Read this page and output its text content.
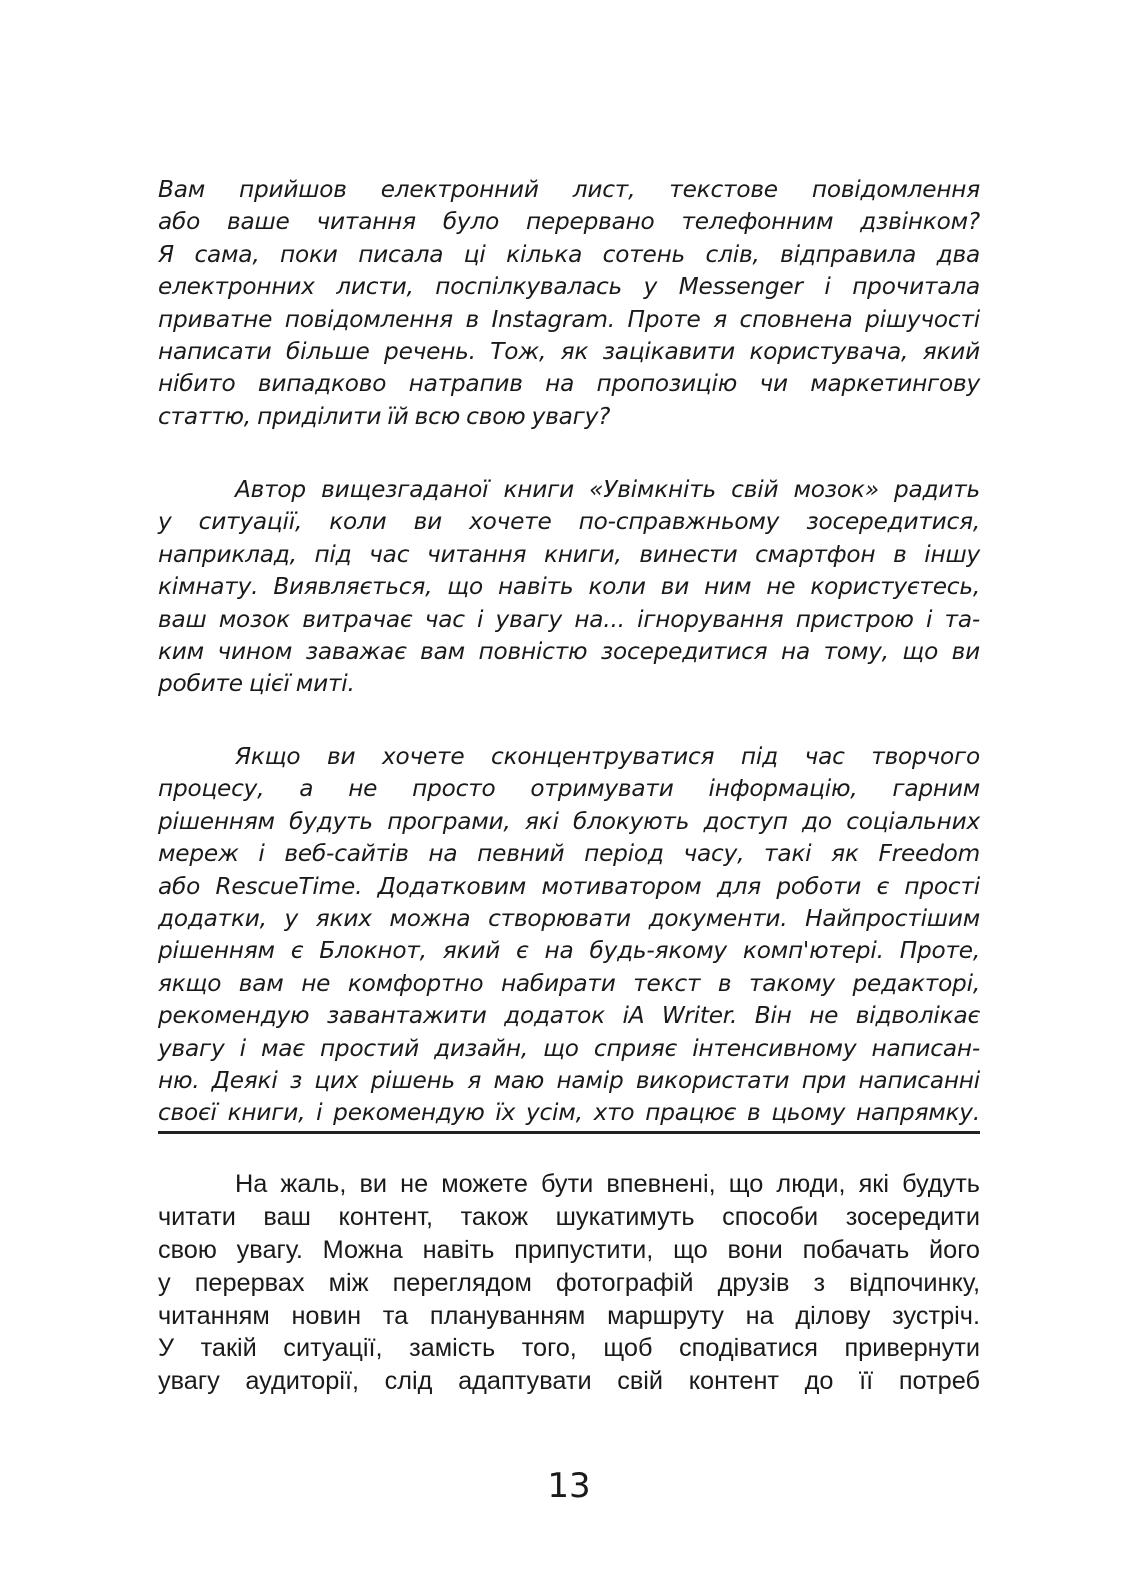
Вам прийшов електронний лист, текстове повідомлення
або ваше читання було перервано телефонним дзвінком?
Я сама, поки писала ці кілька сотень слів, відправила два
електронних листи, поспілкувалась у Messenger і прочитала
приватне повідомлення в Instagram. Проте я сповнена рішучості
написати більше речень. Тож, як зацікавити користувача, який
нібито випадково натрапив на пропозицію чи маркетингову
статтю, приділити їй всю свою увагу?
Автор вищезгаданої книги «Увімкніть свій мозок» радить
у ситуації, коли ви хочете по-справжньому зосередитися,
наприклад, під час читання книги, винести смартфон в іншу
кімнату. Виявляється, що навіть коли ви ним не користуєтесь,
ваш мозок витрачає час і увагу на... ігнорування пристрою і та-
ким чином заважає вам повністю зосередитися на тому, що ви
робите цієї миті.
Якщо ви хочете сконцентруватися під час творчого
процесу, а не просто отримувати інформацію, гарним
рішенням будуть програми, які блокують доступ до соціальних
мереж і веб-сайтів на певний період часу, такі як Freedom
або RescueTime. Додатковим мотиватором для роботи є прості
додатки, у яких можна створювати документи. Найпростішим
рішенням є Блокнот, який є на будь-якому комп'ютері. Проте,
якщо вам не комфортно набирати текст в такому редакторі,
рекомендую завантажити додаток iA Writer. Він не відволікає
увагу і має простий дизайн, що сприяє інтенсивному написан-
ню. Деякі з цих рішень я маю намір використати при написанні
своєї книги, і рекомендую їх усім, хто працює в цьому напрямку.
На жаль, ви не можете бути впевнені, що люди, які будуть
читати ваш контент, також шукатимуть способи зосередити
свою увагу. Можна навіть припустити, що вони побачать його
у перервах між переглядом фотографій друзів з відпочинку,
читанням новин та плануванням маршруту на ділову зустріч.
У такій ситуації, замість того, щоб сподіватися привернути
увагу аудиторії, слід адаптувати свій контент до її потреб
13
